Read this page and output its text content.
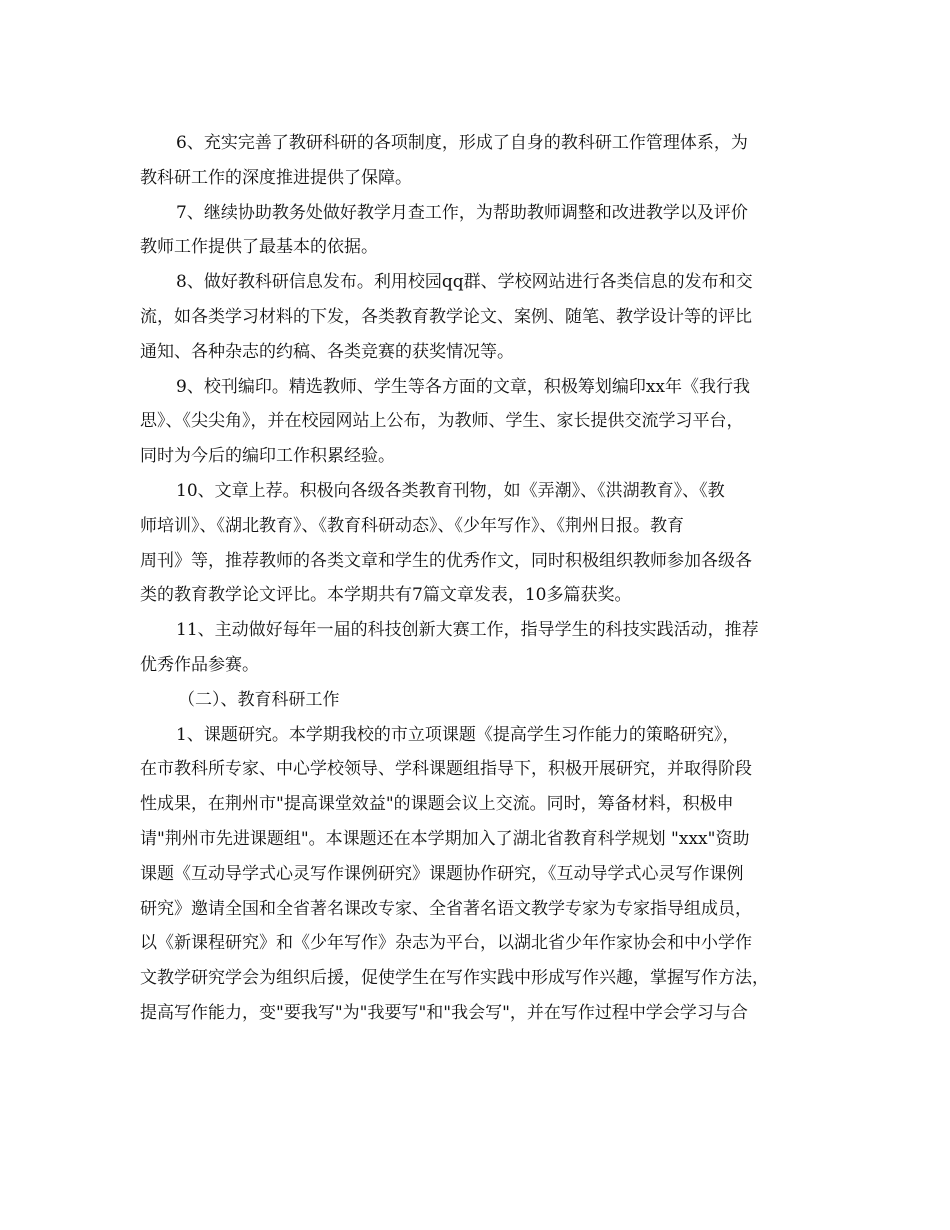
6、充实完善了教研科研的各项制度，形成了自身的教科研工作管理体系，为
教科研工作的深度推进提供了保障。
7、继续协助教务处做好教学月查工作，为帮助教师调整和改进教学以及评价
教师工作提供了最基本的依据。
8、做好教科研信息发布。利用校园qq群、学校网站进行各类信息的发布和交
流，如各类学习材料的下发，各类教育教学论文、案例、随笔、教学设计等的评比
通知、各种杂志的约稿、各类竞赛的获奖情况等。
9、校刊编印。精选教师、学生等各方面的文章，积极筹划编印xx年《我行我
思》、《尖尖角》，并在校园网站上公布，为教师、学生、家长提供交流学习平台，
同时为今后的编印工作积累经验。
10、文章上荐。积极向各级各类教育刊物，如《弄潮》、《洪湖教育》、《教
师培训》、《湖北教育》、《教育科研动态》、《少年写作》、《荆州日报。教育
周刊》等，推荐教师的各类文章和学生的优秀作文，同时积极组织教师参加各级各
类的教育教学论文评比。本学期共有7篇文章发表，10多篇获奖。
11、主动做好每年一届的科技创新大赛工作，指导学生的科技实践活动，推荐
优秀作品参赛。
（二）、教育科研工作
1、课题研究。本学期我校的市立项课题《提高学生习作能力的策略研究》，
在市教科所专家、中心学校领导、学科课题组指导下，积极开展研究，并取得阶段
性成果，在荆州市"提高课堂效益"的课题会议上交流。同时，筹备材料，积极申
请"荆州市先进课题组"。本课题还在本学期加入了湖北省教育科学规划 "xxx"资助
课题《互动导学式心灵写作课例研究》课题协作研究，《互动导学式心灵写作课例
研究》邀请全国和全省著名课改专家、全省著名语文教学专家为专家指导组成员，
以《新课程研究》和《少年写作》杂志为平台，以湖北省少年作家协会和中小学作
文教学研究学会为组织后援，促使学生在写作实践中形成写作兴趣，掌握写作方法，
提高写作能力，变"要我写"为"我要写"和"我会写"，并在写作过程中学会学习与合
